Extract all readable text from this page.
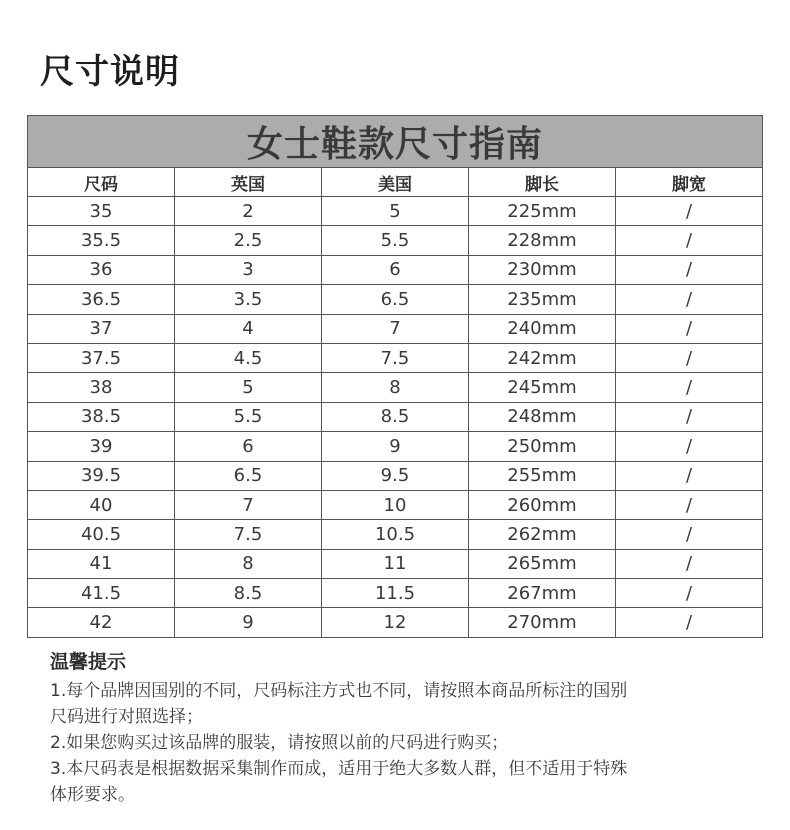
尺寸说明
女士鞋款尺寸指南				
尺码	英国	美国	脚长	脚宽
35	2	5	225mm	/
35.5	2.5	5.5	228mm	/
36	3	6	230mm	/
36.5	3.5	6.5	235mm	/
37	4	7	240mm	/
37.5	4.5	7.5	242mm	/
38	5	8	245mm	/
38.5	5.5	8.5	248mm	/
39	6	9	250mm	/
39.5	6.5	9.5	255mm	/
40	7	10	260mm	/
40.5	7.5	10.5	262mm	/
41	8	11	265mm	/
41.5	8.5	11.5	267mm	/
42	9	12	270mm	/
温馨提示

1.每个品牌因国别的不同，尺码标注方式也不同，请按照本商品所标注的国别

尺码进行对照选择；

2.如果您购买过该品牌的服装，请按照以前的尺码进行购买；

3.本尺码表是根据数据采集制作而成，适用于绝大多数人群，但不适用于特殊

体形要求。
